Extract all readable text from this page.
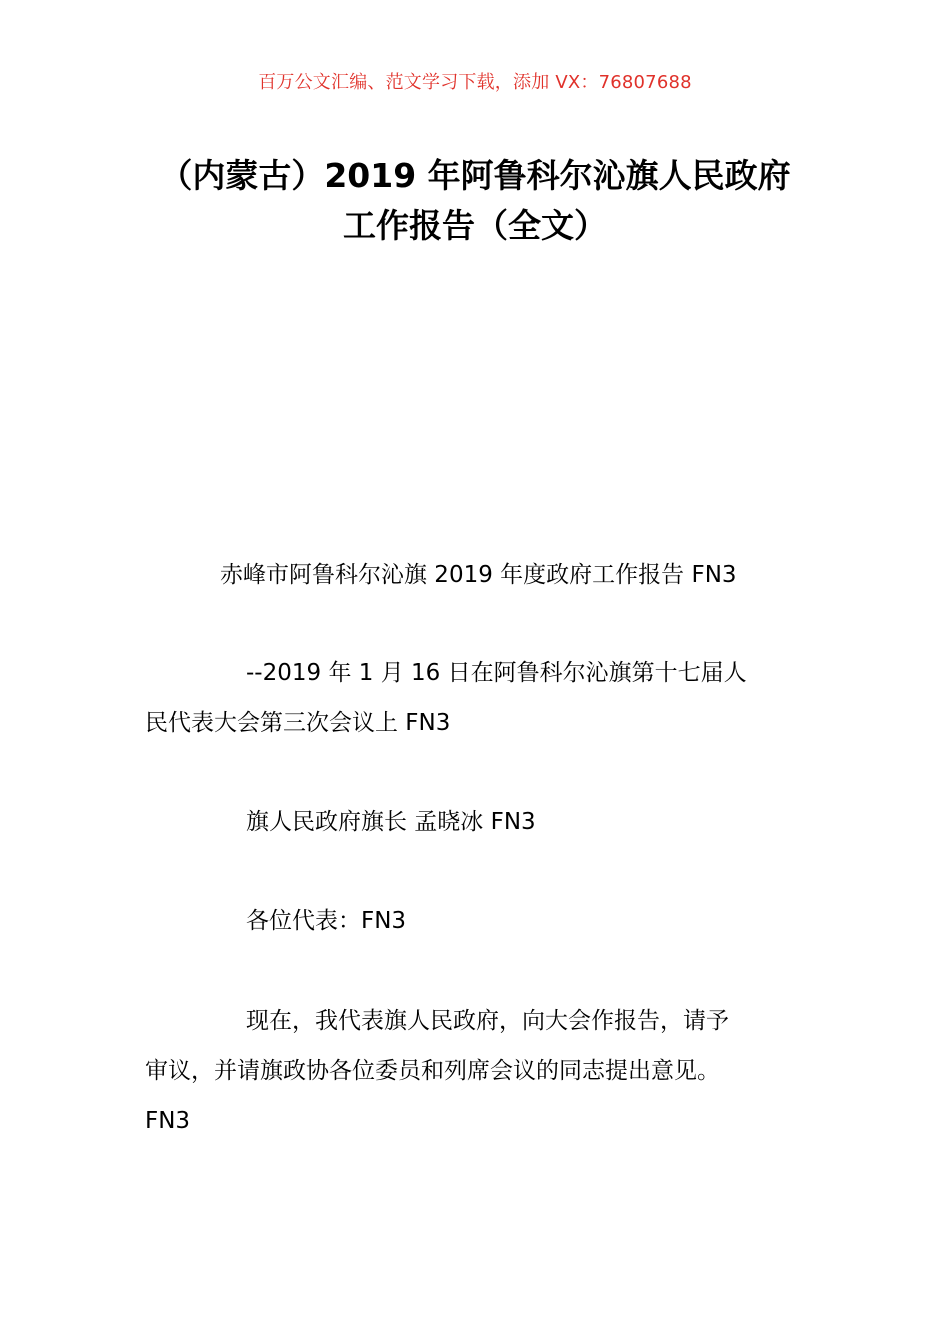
百万公文汇编、范文学习下载，添加 VX：76807688
（内蒙古）2019 年阿鲁科尔沁旗人民政府
工作报告（全文）
赤峰市阿鲁科尔沁旗 2019 年度政府工作报告 FN3
--2019 年 1 月 16 日在阿鲁科尔沁旗第十七届人
民代表大会第三次会议上 FN3
旗人民政府旗长 孟晓冰 FN3
各位代表：FN3
现在，我代表旗人民政府，向大会作报告，请予
审议，并请旗政协各位委员和列席会议的同志提出意见。
FN3
